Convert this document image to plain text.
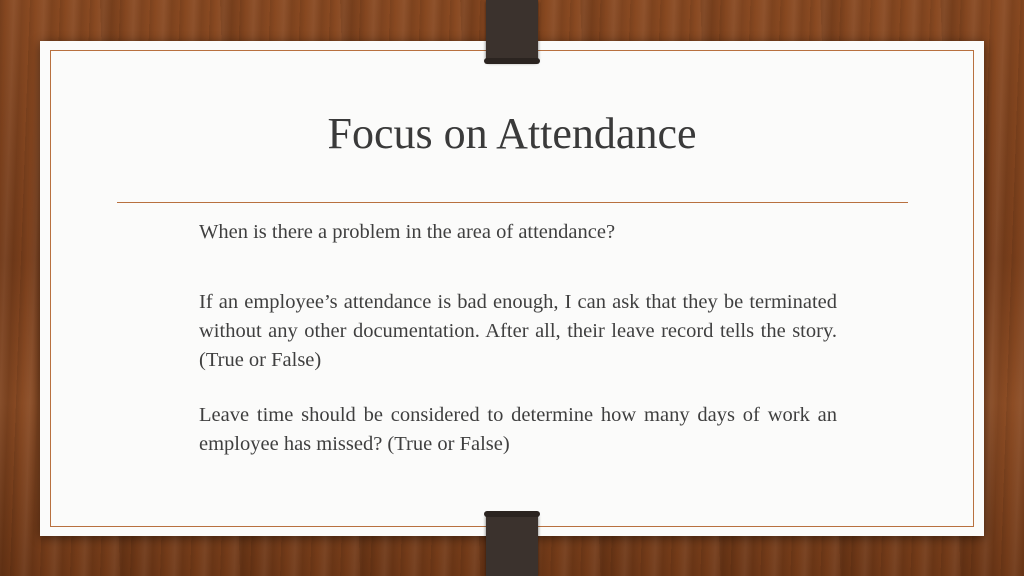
Focus on Attendance

When is there a problem in the area of attendance?

If an employee’s attendance is bad enough, I can ask that they be terminated without any other documentation. After all, their leave record tells the story. (True or False)

Leave time should be considered to determine how many days of work an employee has missed? (True or False)
